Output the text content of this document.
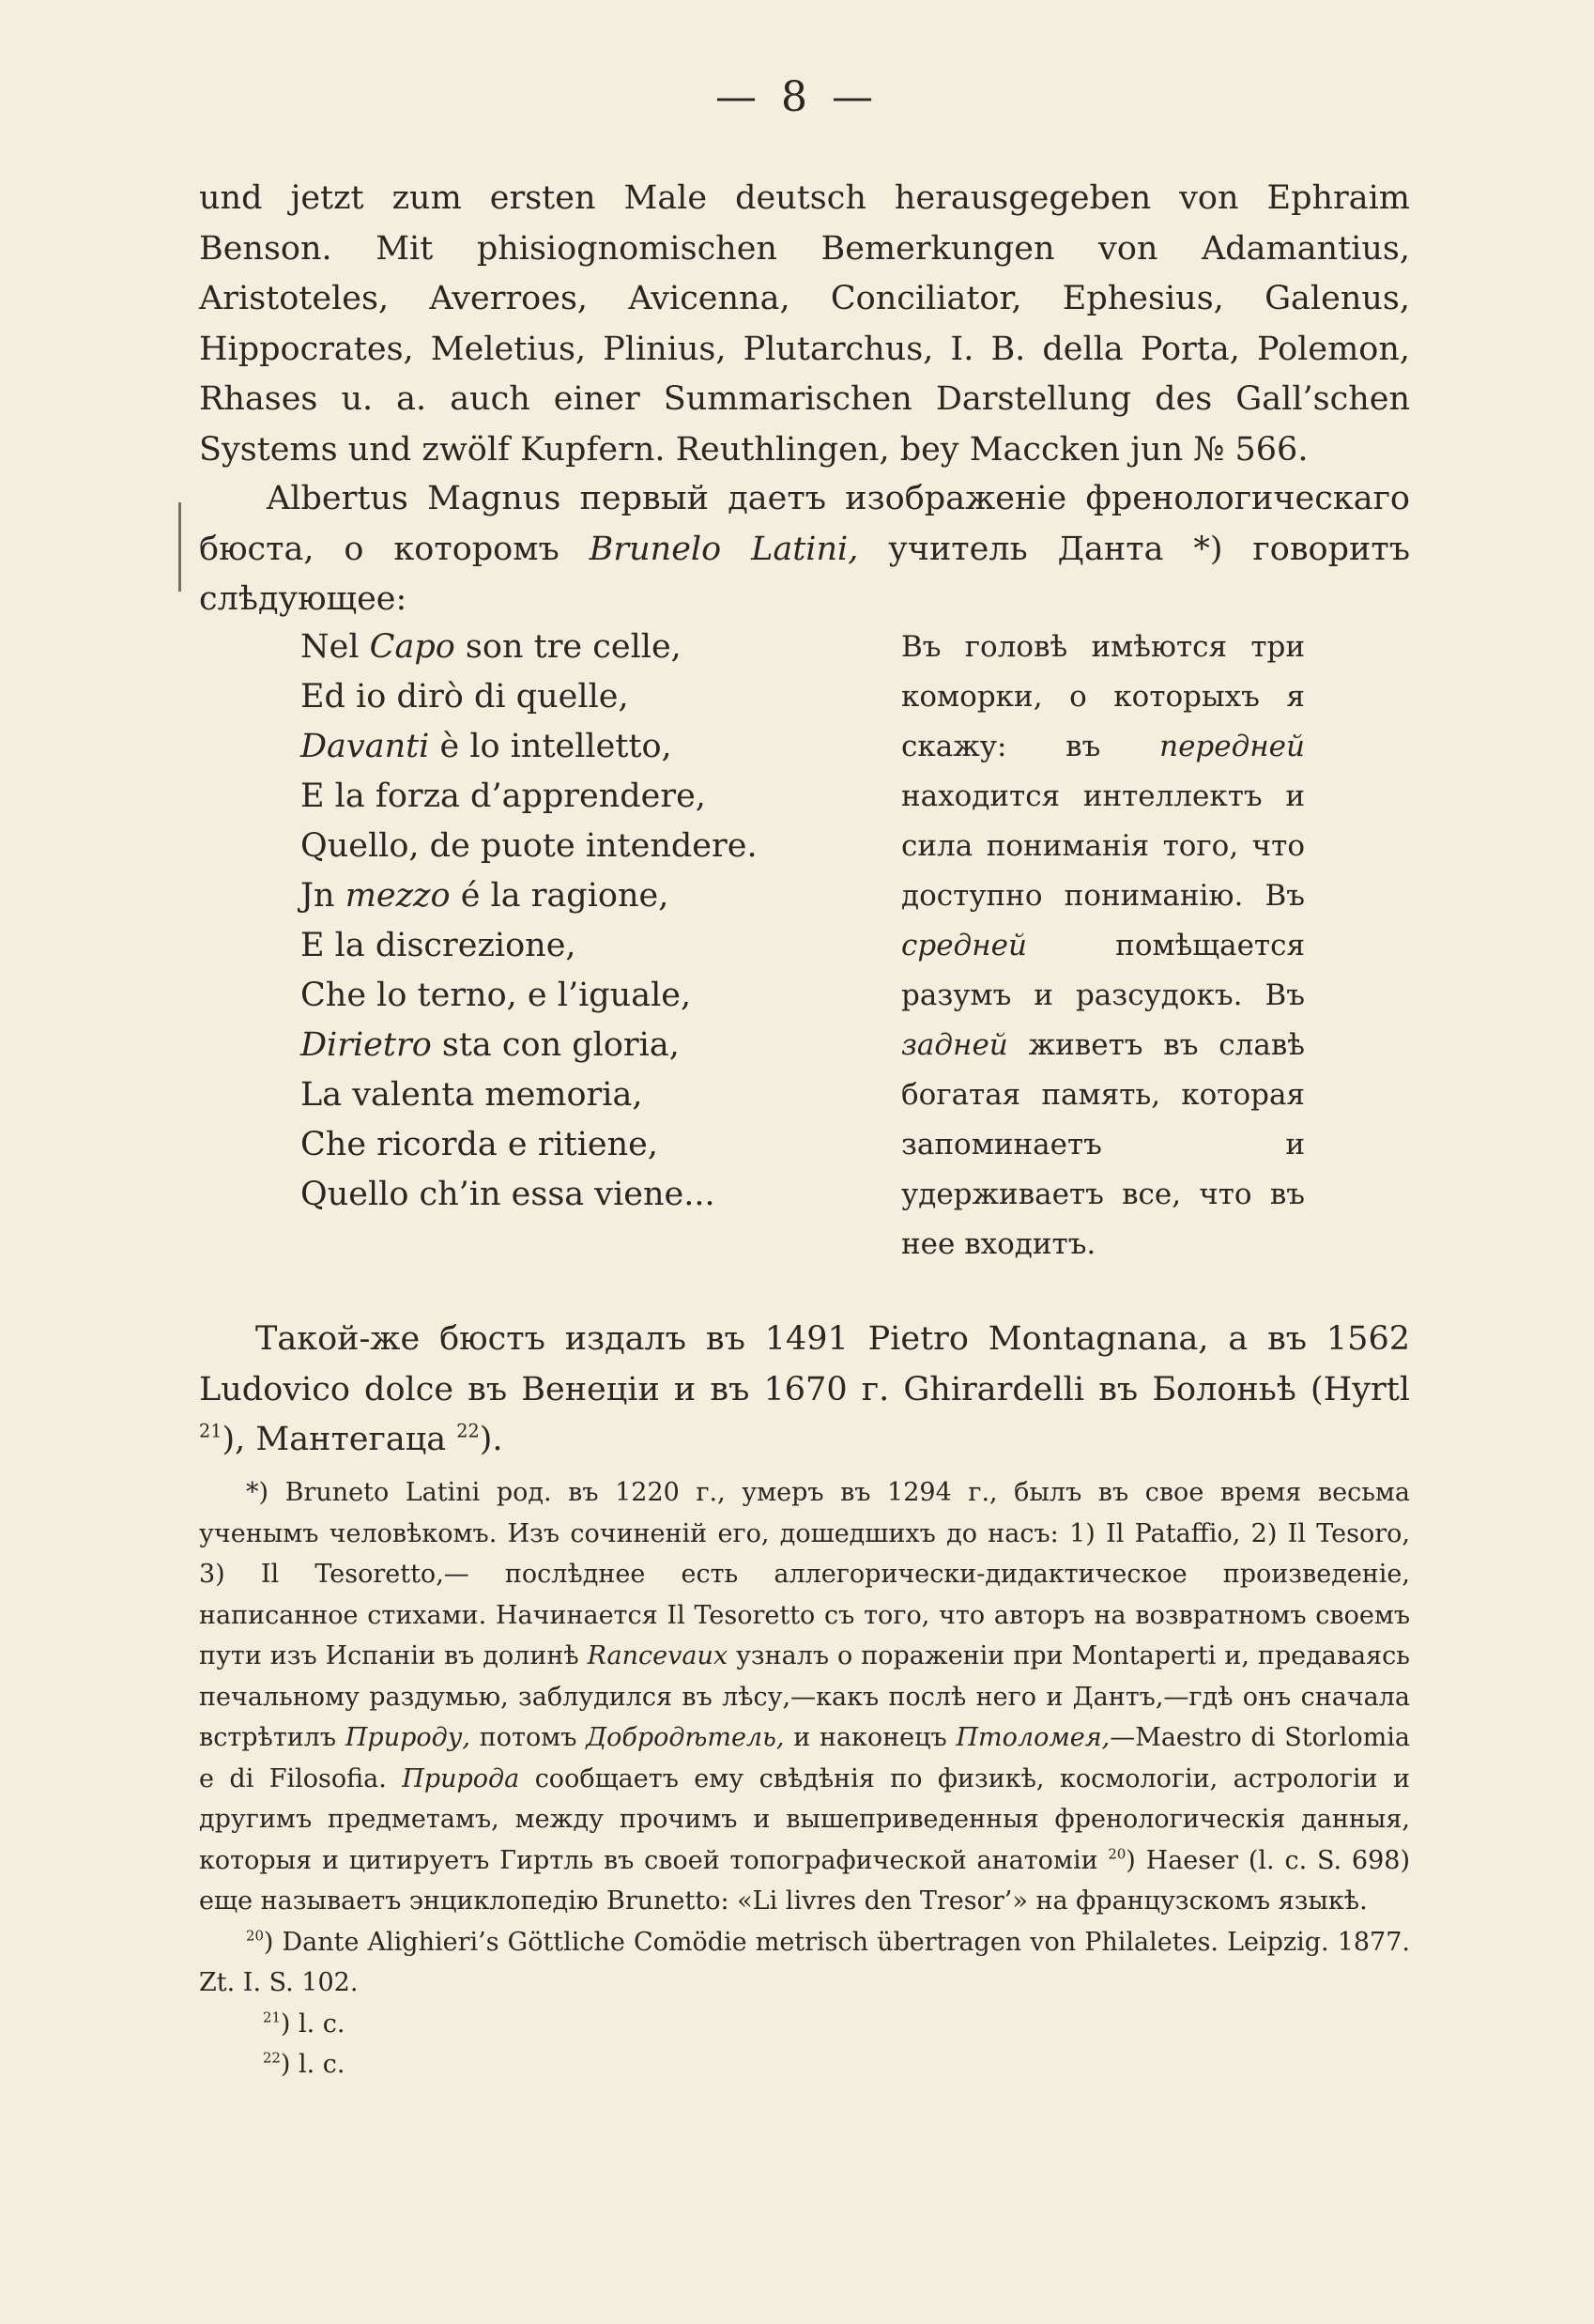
— 8 —

und jetzt zum ersten Male deutsch herausgegeben von Ephraim Benson. Mit phisiognomischen Bemerkungen von Adamantius, Aristoteles, Averroes, Avicenna, Conciliator, Ephesius, Galenus, Hippocrates, Meletius, Plinius, Plutarchus, I. B. della Porta, Polemon, Rhases u. a. auch einer Summarischen Darstellung des Gall’schen Systems und zwölf Kupfern. Reuthlingen, bey Maccken jun № 566.

Albertus Magnus первый даетъ изображеніе френологическаго бюста, о которомъ Brunelo Latini, учитель Данта *) говоритъ слѣдующее:

Nel Capo son tre celle,
Ed io dirò di quelle,
Davanti è lo intelletto,
E la forza d’apprendere,
Quello, de puote intendere.
Jn mezzo é la ragione,
E la discrezione,
Che lo terno, e l’iguale,
Dirietro sta con gloria,
La valenta memoria,
Che ricorda e ritiene,
Quello ch’in essa viene...

Въ головѣ имѣются три коморки, о которыхъ я скажу: въ передней находится интеллектъ и сила пониманія того, что доступно пониманію. Въ средней помѣщается разумъ и разсудокъ. Въ задней живетъ въ славѣ богатая память, которая запоминаетъ и удерживаетъ все, что въ нее входитъ.

Такой-же бюстъ издалъ въ 1491 Pietro Montagnana, а въ 1562 Ludovico dolce въ Венеціи и въ 1670 г. Ghirardelli въ Болоньѣ (Hyrtl $^{21}$), Мантегаца $^{22}$).

*) Bruneto Latini род. въ 1220 г., умеръ въ 1294 г., былъ въ свое время весьма ученымъ человѣкомъ. Изъ сочиненій его, дошедшихъ до насъ: 1) Il Pataffio, 2) Il Tesoro, 3) Il Tesoretto,— послѣднее есть аллегорически-дидактическое произведеніе, написанное стихами. Начинается Il Tesoretto съ того, что авторъ на возвратномъ своемъ пути изъ Испаніи въ долинѣ Rancevaux узналъ о пораженіи при Montaperti и, предаваясь печальному раздумью, заблудился въ лѣсу,—какъ послѣ него и Дантъ,—гдѣ онъ сначала встрѣтилъ Природу, потомъ Добродѣтель, и наконецъ Птоломея,—Maestro di Storlomia e di Filosofia. Природа сообщаетъ ему свѣдѣнія по физикѣ, космологіи, астрологіи и другимъ предметамъ, между прочимъ и вышеприведенныя френологическія данныя, которыя и цитируетъ Гиртль въ своей топографической анатоміи $^{20}$) Haeser (l. c. S. 698) еще называетъ энциклопедію Brunetto: «Li livres den Tresor’» на французскомъ языкѣ.

$^{20}$) Dante Alighieri’s Göttliche Comödie metrisch übertragen von Philaletes. Leipzig. 1877. Zt. I. S. 102.

$^{21}$) l. c.

$^{22}$) l. c.
